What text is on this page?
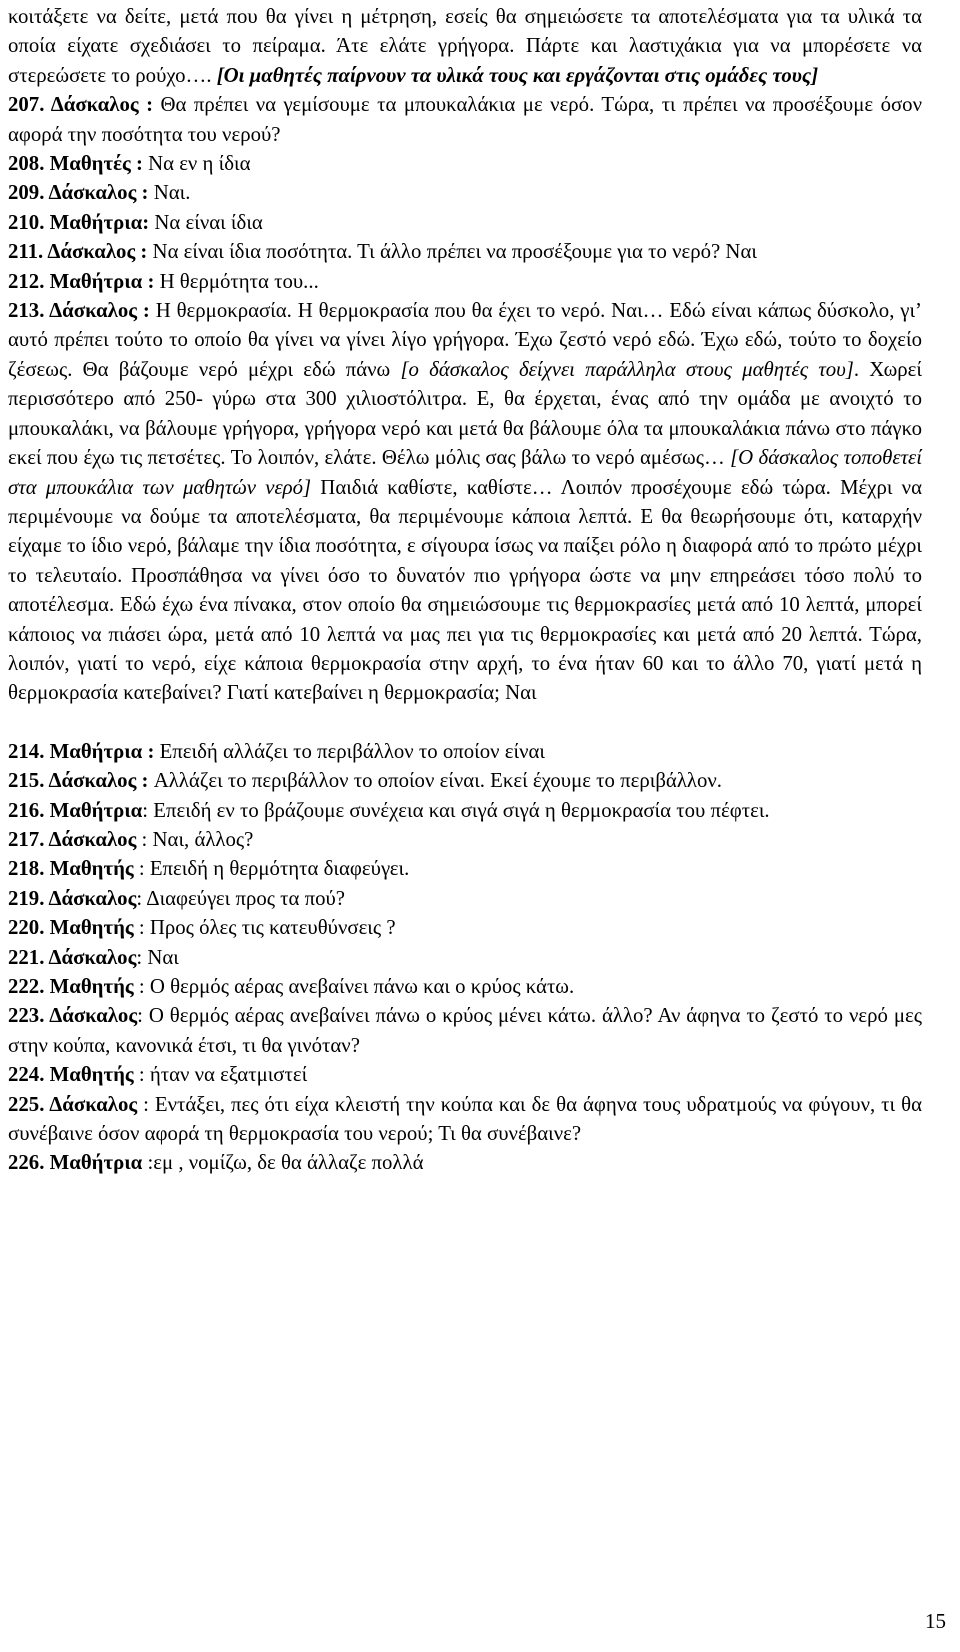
κοιτάξετε να δείτε, μετά που θα γίνει η μέτρηση, εσείς θα σημειώσετε τα αποτελέσματα για τα υλικά τα οποία είχατε σχεδιάσει το πείραμα. Άτε ελάτε γρήγορα. Πάρτε και λαστιχάκια για να μπορέσετε να στερεώσετε το ρούχο…. [Οι μαθητές παίρνουν τα υλικά τους και εργάζονται στις ομάδες τους]

207. Δάσκαλος : Θα πρέπει να γεμίσουμε τα μπουκαλάκια με νερό. Τώρα, τι πρέπει να προσέξουμε όσον αφορά την ποσότητα του νερού?

208. Μαθητές : Να εν η ίδια

209. Δάσκαλος : Ναι.

210. Μαθήτρια: Να είναι ίδια

211. Δάσκαλος : Να είναι ίδια ποσότητα. Τι άλλο πρέπει να προσέξουμε για το νερό? Ναι

212. Μαθήτρια : Η θερμότητα του...

213. Δάσκαλος : Η θερμοκρασία. Η θερμοκρασία που θα έχει το νερό. Ναι… Εδώ είναι κάπως δύσκολο, γι’ αυτό πρέπει τούτο το οποίο θα γίνει να γίνει λίγο γρήγορα. Έχω ζεστό νερό εδώ. Έχω εδώ, τούτο το δοχείο ζέσεως. Θα βάζουμε νερό μέχρι εδώ πάνω [ο δάσκαλος δείχνει παράλληλα στους μαθητές του]. Χωρεί περισσότερο από 250- γύρω στα 300 χιλιοστόλιτρα. Ε, θα έρχεται, ένας από την ομάδα με ανοιχτό το μπουκαλάκι, να βάλουμε γρήγορα, γρήγορα νερό και μετά θα βάλουμε όλα τα μπουκαλάκια πάνω στο πάγκο εκεί που έχω τις πετσέτες. Το λοιπόν, ελάτε. Θέλω μόλις σας βάλω το νερό αμέσως… [Ο δάσκαλος τοποθετεί στα μπουκάλια των μαθητών νερό] Παιδιά καθίστε, καθίστε… Λοιπόν προσέχουμε εδώ τώρα. Μέχρι να περιμένουμε να δούμε τα αποτελέσματα, θα περιμένουμε κάποια λεπτά. Ε θα θεωρήσουμε ότι, καταρχήν είχαμε το ίδιο νερό, βάλαμε την ίδια ποσότητα, ε σίγουρα ίσως να παίξει ρόλο η διαφορά από το πρώτο μέχρι το τελευταίο. Προσπάθησα να γίνει όσο το δυνατόν πιο γρήγορα ώστε να μην επηρεάσει τόσο πολύ το αποτέλεσμα. Εδώ έχω ένα πίνακα, στον οποίο θα σημειώσουμε τις θερμοκρασίες μετά από 10 λεπτά, μπορεί κάποιος να πιάσει ώρα, μετά από 10 λεπτά να μας πει για τις θερμοκρασίες και μετά από 20 λεπτά. Τώρα, λοιπόν, γιατί το νερό, είχε κάποια θερμοκρασία στην αρχή, το ένα ήταν 60 και το άλλο 70, γιατί μετά η θερμοκρασία κατεβαίνει? Γιατί κατεβαίνει η θερμοκρασία; Ναι

214. Μαθήτρια : Επειδή αλλάζει το περιβάλλον το οποίον είναι

215. Δάσκαλος : Αλλάζει το περιβάλλον το οποίον είναι. Εκεί έχουμε το περιβάλλον.

216. Μαθήτρια: Επειδή εν το βράζουμε συνέχεια και σιγά σιγά η θερμοκρασία του πέφτει.

217. Δάσκαλος : Ναι, άλλος?

218. Μαθητής : Επειδή η θερμότητα διαφεύγει.

219. Δάσκαλος: Διαφεύγει προς τα πού?

220. Μαθητής : Προς όλες τις κατευθύνσεις ?

221. Δάσκαλος: Ναι

222. Μαθητής : Ο θερμός αέρας ανεβαίνει πάνω και ο κρύος κάτω.

223. Δάσκαλος: Ο θερμός αέρας ανεβαίνει πάνω ο κρύος μένει κάτω. άλλο? Αν άφηνα το ζεστό το νερό μες στην κούπα, κανονικά έτσι, τι θα γινόταν?

224. Μαθητής : ήταν να εξατμιστεί

225. Δάσκαλος : Εντάξει, πες ότι είχα κλειστή την κούπα και δε θα άφηνα τους υδρατμούς να φύγουν, τι θα συνέβαινε όσον αφορά τη θερμοκρασία του νερού; Τι θα συνέβαινε?

226. Μαθήτρια :εμ , νομίζω, δε θα άλλαζε πολλά

15
